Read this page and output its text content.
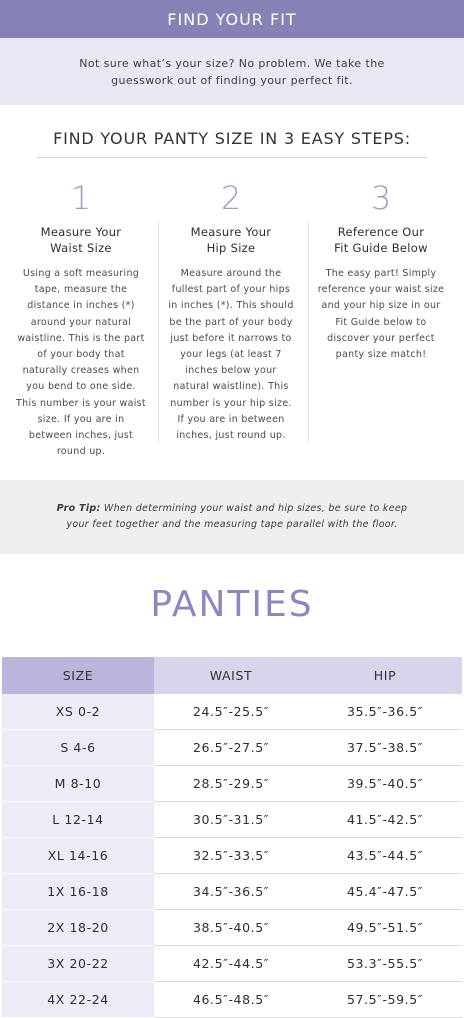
FIND YOUR FIT
Not sure what’s your size? No problem. We take the guesswork out of finding your perfect fit.
FIND YOUR PANTY SIZE IN 3 EASY STEPS:
1
Measure Your Waist Size
Using a soft measuring tape, measure the distance in inches (*) around your natural waistline. This is the part of your body that naturally creases when you bend to one side. This number is your waist size. If you are in between inches, just round up.
2
Measure Your Hip Size
Measure around the fullest part of your hips in inches (*). This should be the part of your body just before it narrows to your legs (at least 7 inches below your natural waistline). This number is your hip size. If you are in between inches, just round up.
3
Reference Our Fit Guide Below
The easy part! Simply reference your waist size and your hip size in our Fit Guide below to discover your perfect panty size match!
Pro Tip: When determining your waist and hip sizes, be sure to keep your feet together and the measuring tape parallel with the floor.
PANTIES
SIZE	WAIST	HIP
XS 0-2	24.5″-25.5″	35.5″-36.5″
S 4-6	26.5″-27.5″	37.5″-38.5″
M 8-10	28.5″-29.5″	39.5″-40.5″
L 12-14	30.5″-31.5″	41.5″-42.5″
XL 14-16	32.5″-33.5″	43.5″-44.5″
1X 16-18	34.5″-36.5″	45.4″-47.5″
2X 18-20	38.5″-40.5″	49.5″-51.5″
3X 20-22	42.5″-44.5″	53.3″-55.5″
4X 22-24	46.5″-48.5″	57.5″-59.5″
